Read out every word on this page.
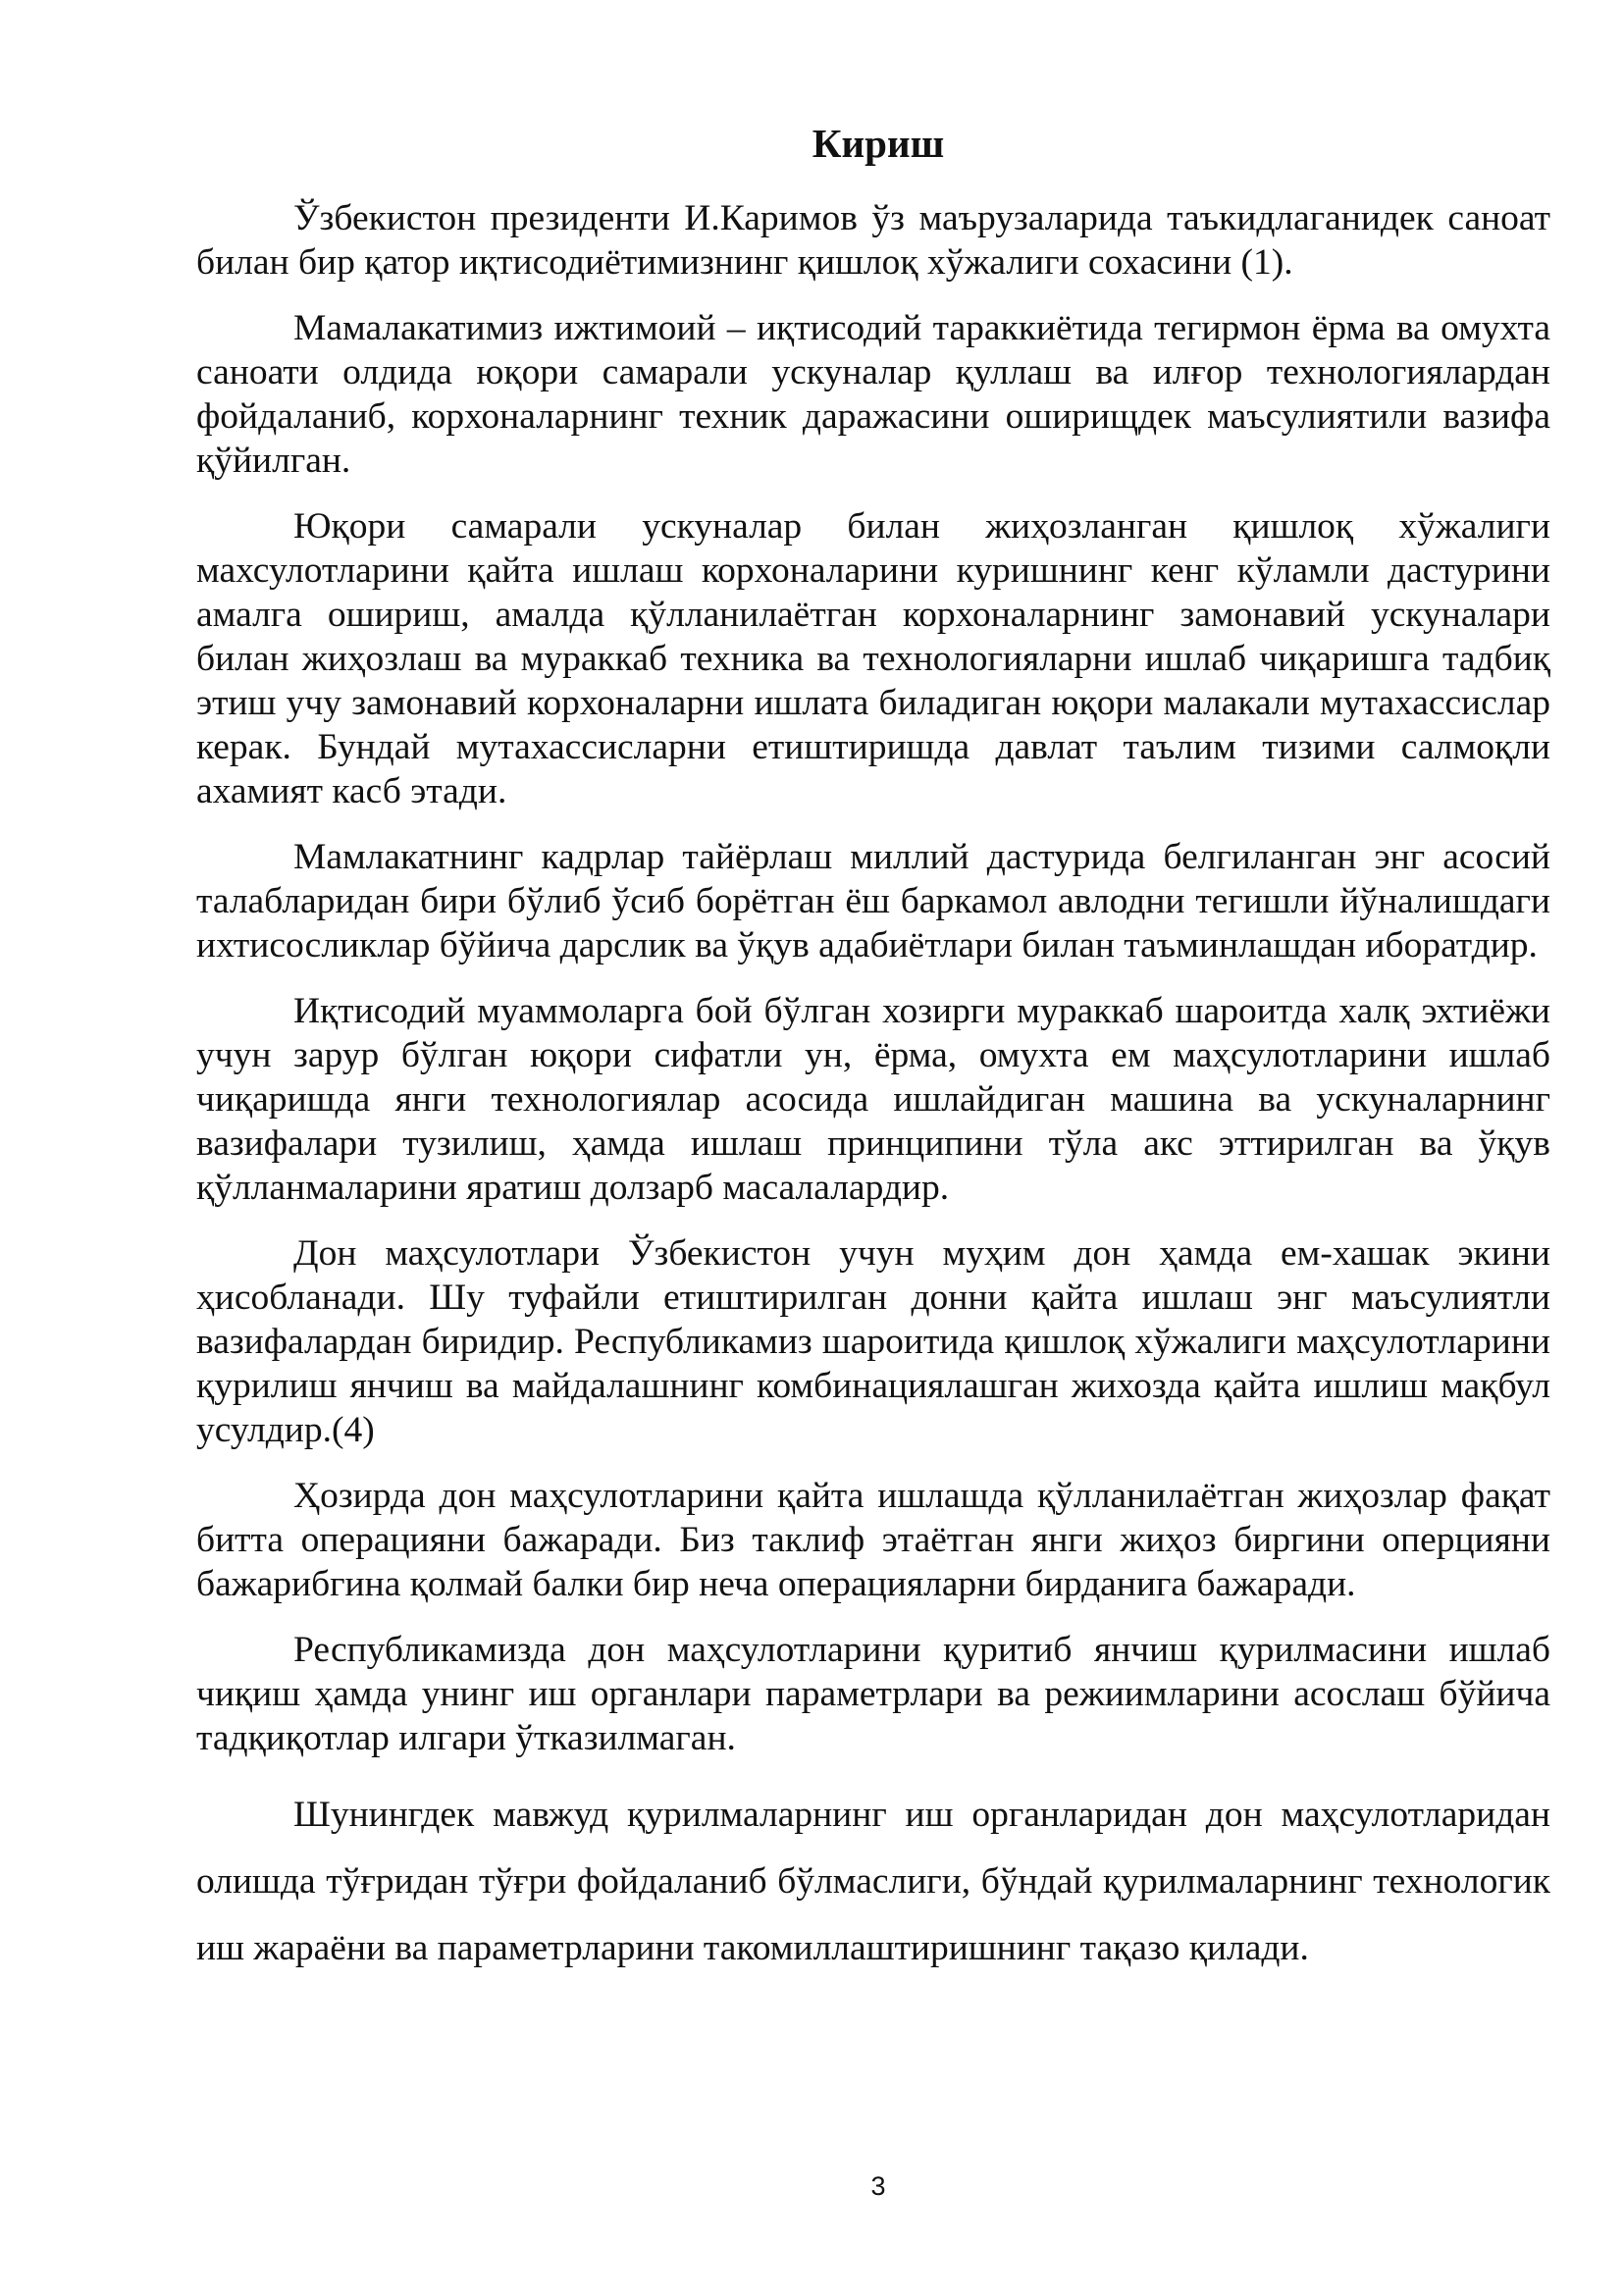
Кириш

Ўзбекистон президенти И.Каримов ўз маърузаларида таъкидлаганидек саноат билан бир қатор иқтисодиётимизнинг қишлоқ хўжалиги сохасини (1).

Мамалакатимиз ижтимоий – иқтисодий тараккиётида тегирмон ёрма ва омухта саноати олдида юқори самарали ускуналар қуллаш ва илғор технологиялардан фойдаланиб, корхоналарнинг техник даражасини оширищдек маъсулиятили вазифа қўйилган.

Юқори самарали ускуналар билан жиҳозланган қишлоқ хўжалиги махсулотларини қайта ишлаш корхоналарини куришнинг кенг кўламли дастурини амалга ошириш, амалда қўлланилаётган корхоналарнинг замонавий ускуналари билан жиҳозлаш ва мураккаб техника ва технологияларни ишлаб чиқаришга тадбиқ этиш учу замонавий корхоналарни ишлата биладиган юқори малакали мутахассислар керак. Бундай мутахассисларни етиштиришда давлат таълим тизими салмоқли ахамият касб этади.

Мамлакатнинг кадрлар тайёрлаш миллий дастурида белгиланган энг асосий талабларидан бири бўлиб ўсиб борётган ёш баркамол авлодни тегишли йўналишдаги ихтисосликлар бўйича дарслик ва ўқув адабиётлари билан таъминлашдан иборатдир.

Иқтисодий муаммоларга бой бўлган хозирги мураккаб шароитда халқ эхтиёжи учун зарур бўлган юқори сифатли ун, ёрма, омухта ем маҳсулотларини ишлаб чиқаришда янги технологиялар асосида ишлайдиган машина ва ускуналарнинг вазифалари тузилиш, ҳамда ишлаш принципини тўла акс эттирилган ва ўқув қўлланмаларини яратиш долзарб масалалардир.

Дон маҳсулотлари Ўзбекистон учун муҳим дон ҳамда ем-хашак экини ҳисобланади. Шу туфайли етиштирилган донни қайта ишлаш энг маъсулиятли вазифалардан биридир. Республикамиз шароитида қишлоқ хўжалиги маҳсулотларини қурилиш янчиш ва майдалашнинг комбинациялашган жихозда қайта ишлиш мақбул усулдир.(4)

Ҳозирда дон маҳсулотларини қайта ишлашда қўлланилаётган жиҳозлар фақат битта операцияни бажаради. Биз таклиф этаётган янги жиҳоз биргини оперцияни бажарибгина қолмай балки бир неча операцияларни бирданига бажаради.

Республикамизда дон маҳсулотларини қуритиб янчиш қурилмасини ишлаб чиқиш ҳамда унинг иш органлари параметрлари ва режиимларини асослаш бўйича тадқиқотлар илгари ўтказилмаган.

Шунингдек мавжуд қурилмаларнинг иш органларидан дон маҳсулотларидан олишда тўғридан тўғри фойдаланиб бўлмаслиги, бўндай қурилмаларнинг технологик иш жараёни ва параметрларини такомиллаштиришнинг тақазо қилади.

3
